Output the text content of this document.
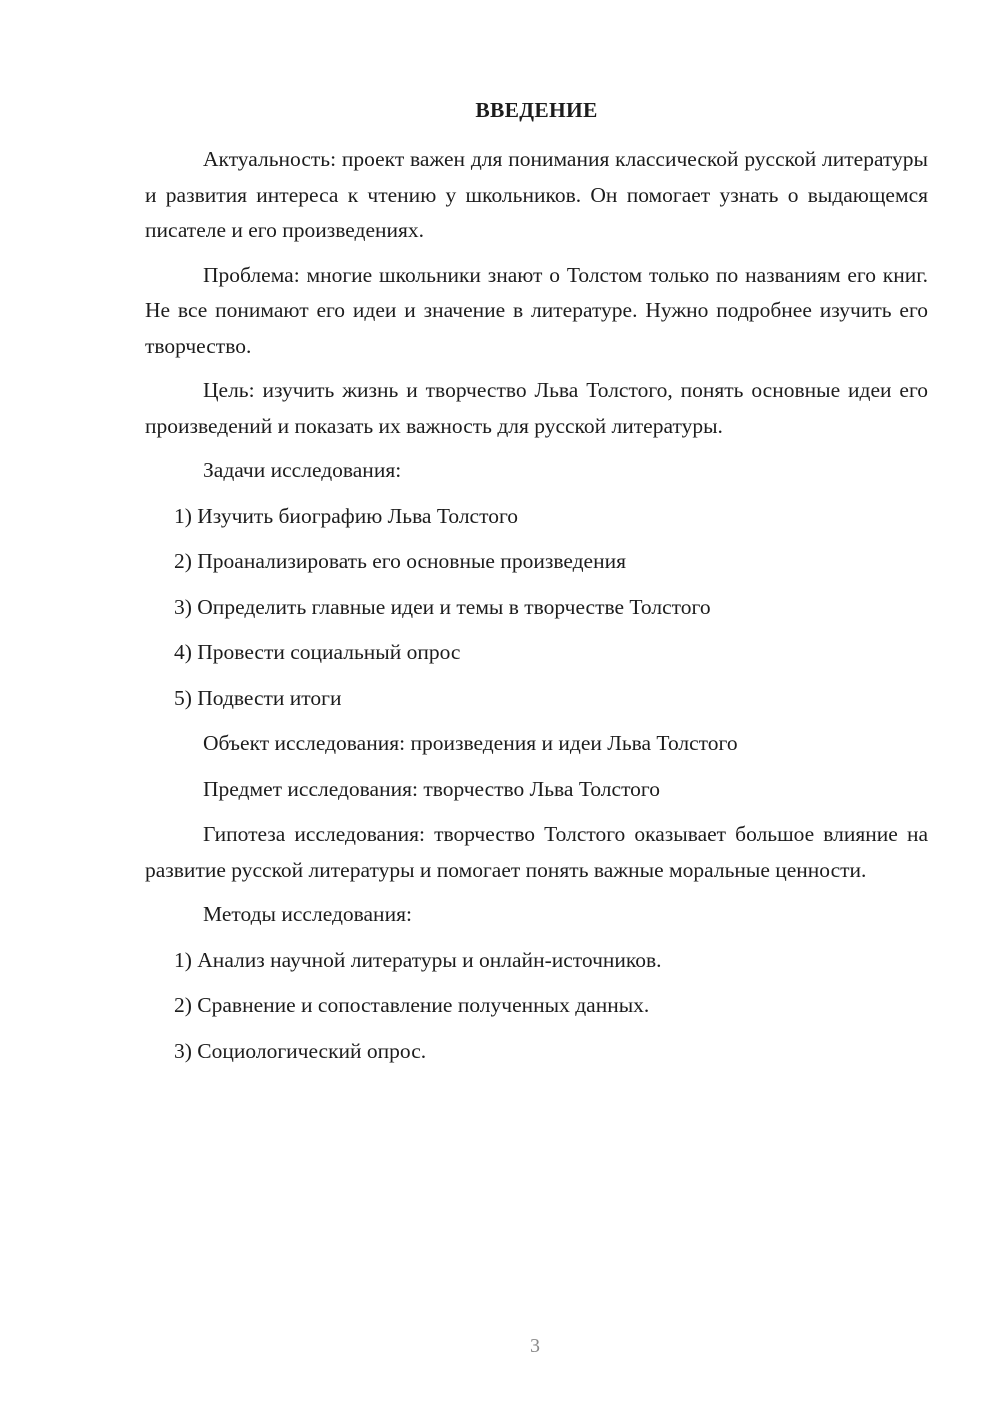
ВВЕДЕНИЕ

Актуальность: проект важен для понимания классической русской литературы и развития интереса к чтению у школьников. Он помогает узнать о выдающемся писателе и его произведениях.

Проблема: многие школьники знают о Толстом только по названиям его книг. Не все понимают его идеи и значение в литературе. Нужно подробнее изучить его творчество.

Цель: изучить жизнь и творчество Льва Толстого, понять основные идеи его произведений и показать их важность для русской литературы.

Задачи исследования:
1) Изучить биографию Льва Толстого
2) Проанализировать его основные произведения
3) Определить главные идеи и темы в творчестве Толстого
4) Провести социальный опрос
5) Подвести итоги
Объект исследования: произведения и идеи Льва Толстого
Предмет исследования: творчество Льва Толстого

Гипотеза исследования: творчество Толстого оказывает большое влияние на развитие русской литературы и помогает понять важные моральные ценности.

Методы исследования:
1) Анализ научной литературы и онлайн-источников.
2) Сравнение и сопоставление полученных данных.
3) Социологический опрос.
3
